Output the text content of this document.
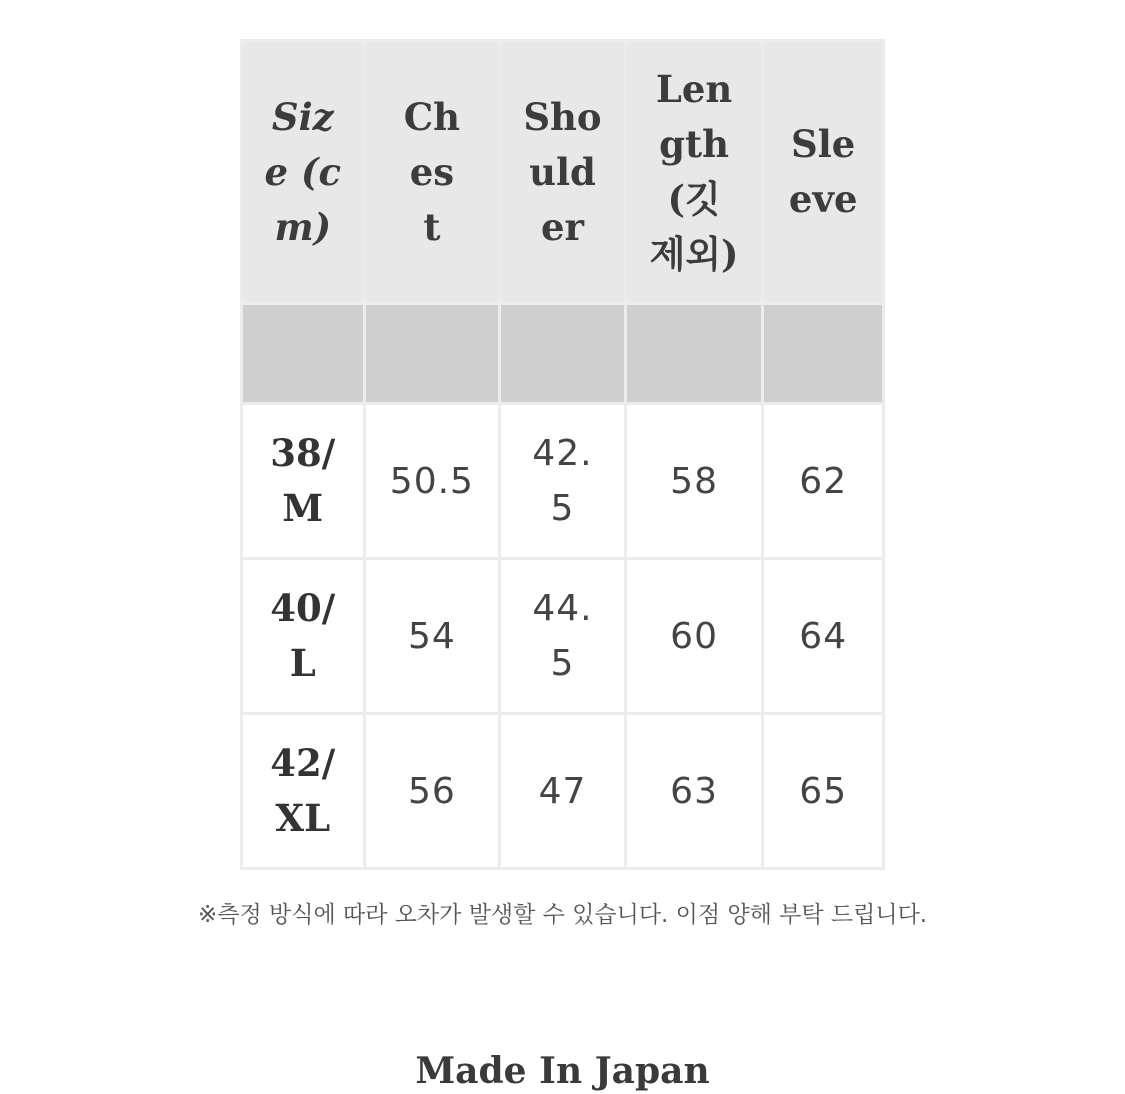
Size (cm)	Chest	Shoulder	Length (깃 제외)	Sleeve

38/M	50.5	42.5	58	62

40/L	54	44.5	60	64

42/XL	56	47	63	65
※측정 방식에 따라 오차가 발생할 수 있습니다. 이점 양해 부탁 드립니다.
Made In Japan
